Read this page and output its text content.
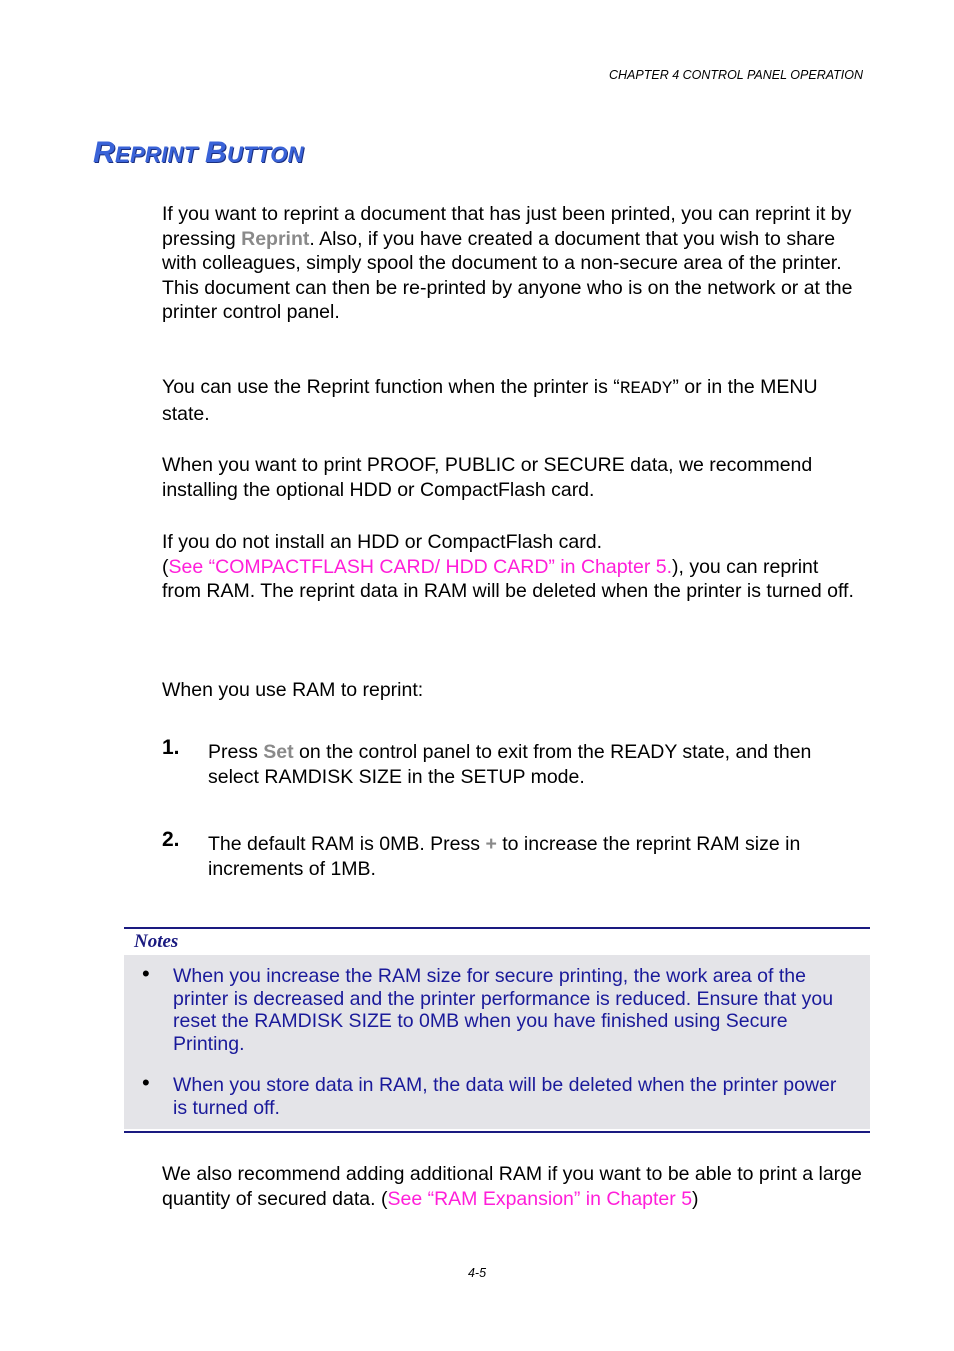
CHAPTER 4 CONTROL PANEL OPERATION
REPRINT BUTTON

If you want to reprint a document that has just been printed, you can reprint it by pressing Reprint. Also, if you have created a document that you wish to share with colleagues, simply spool the document to a non-secure area of the printer. This document can then be re-printed by anyone who is on the network or at the printer control panel.

You can use the Reprint function when the printer is “READY” or in the MENU state.

When you want to print PROOF, PUBLIC or SECURE data, we recommend installing the optional HDD or CompactFlash card.

If you do not install an HDD or CompactFlash card.

(See “COMPACTFLASH CARD/ HDD CARD” in Chapter 5.), you can reprint from RAM. The reprint data in RAM will be deleted when the printer is turned off.

When you use RAM to reprint:

1. Press Set on the control panel to exit from the READY state, and then select RAMDISK SIZE in the SETUP mode.
2. The default RAM is 0MB. Press + to increase the reprint RAM size in increments of 1MB.
Notes
• When you increase the RAM size for secure printing, the work area of the printer is decreased and the printer performance is reduced. Ensure that you reset the RAMDISK SIZE to 0MB when you have finished using Secure Printing.
• When you store data in RAM, the data will be deleted when the printer power is turned off.

We also recommend adding additional RAM if you want to be able to print a large quantity of secured data. (See “RAM Expansion” in Chapter 5)

4-5
